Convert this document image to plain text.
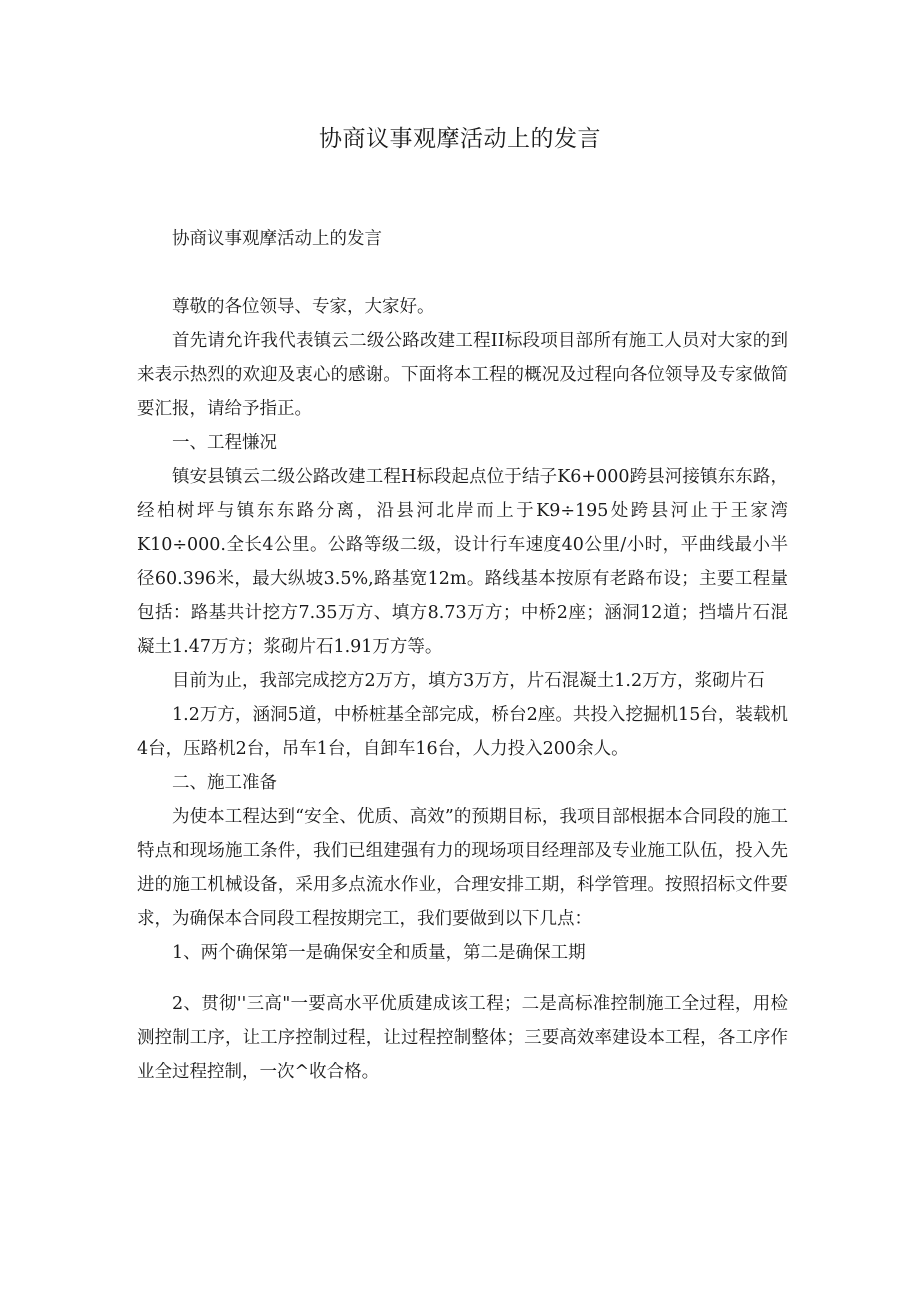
协商议事观摩活动上的发言

协商议事观摩活动上的发言

尊敬的各位领导、专家，大家好。

首先请允许我代表镇云二级公路改建工程II标段项目部所有施工人员对大家的到来表示热烈的欢迎及衷心的感谢。下面将本工程的概况及过程向各位领导及专家做简要汇报，请给予指正。

一、工程慊况

镇安县镇云二级公路改建工程H标段起点位于结子K6+000跨县河接镇东东路，经柏树坪与镇东东路分离，沿县河北岸而上于K9÷195处跨县河止于王家湾K10÷000.全长4公里。公路等级二级，设计行车速度40公里/小时，平曲线最小半径60.396米，最大纵坡3.5%,路基宽12m。路线基本按原有老路布设；主要工程量包括：路基共计挖方7.35万方、填方8.73万方；中桥2座；涵洞12道；挡墙片石混凝土1.47万方；浆砌片石1.91万方等。

目前为止，我部完成挖方2万方，填方3万方，片石混凝土1.2万方，浆砌片石

1.2万方，涵洞5道，中桥桩基全部完成，桥台2座。共投入挖掘机15台，装载机4台，压路机2台，吊车1台，自卸车16台，人力投入200余人。

二、施工准备

为使本工程达到“安全、优质、高效”的预期目标，我项目部根据本合同段的施工特点和现场施工条件，我们已组建强有力的现场项目经理部及专业施工队伍，投入先进的施工机械设备，采用多点流水作业，合理安排工期，科学管理。按照招标文件要求，为确保本合同段工程按期完工，我们要做到以下几点：

1、两个确保第一是确保安全和质量，第二是确保工期

2、贯彻''三高"一要高水平优质建成该工程；二是高标准控制施工全过程，用检测控制工序，让工序控制过程，让过程控制整体；三要高效率建设本工程，各工序作业全过程控制，一次^收合格。
